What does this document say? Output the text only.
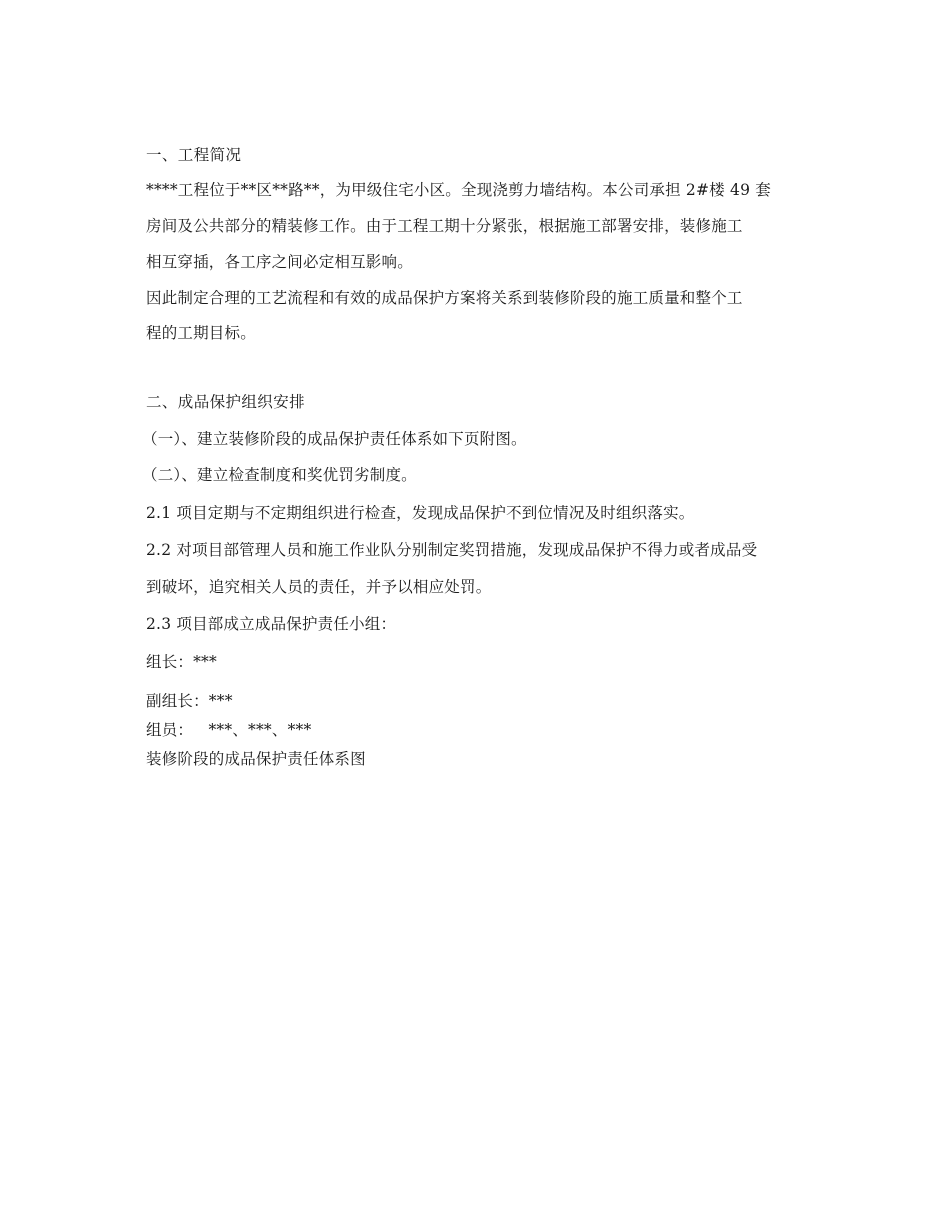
一、工程简况
****工程位于**区**路**，为甲级住宅小区。全现浇剪力墙结构。本公司承担 2#楼 49 套
房间及公共部分的精装修工作。由于工程工期十分紧张，根据施工部署安排，装修施工
相互穿插，各工序之间必定相互影响。
因此制定合理的工艺流程和有效的成品保护方案将关系到装修阶段的施工质量和整个工
程的工期目标。
二、成品保护组织安排
（一）、建立装修阶段的成品保护责任体系如下页附图。
（二）、建立检查制度和奖优罚劣制度。
2.1 项目定期与不定期组织进行检查，发现成品保护不到位情况及时组织落实。
2.2 对项目部管理人员和施工作业队分别制定奖罚措施，发现成品保护不得力或者成品受
到破坏，追究相关人员的责任，并予以相应处罚。
2.3 项目部成立成品保护责任小组：
组长：***
副组长：***
组员：   ***、***、***
装修阶段的成品保护责任体系图
